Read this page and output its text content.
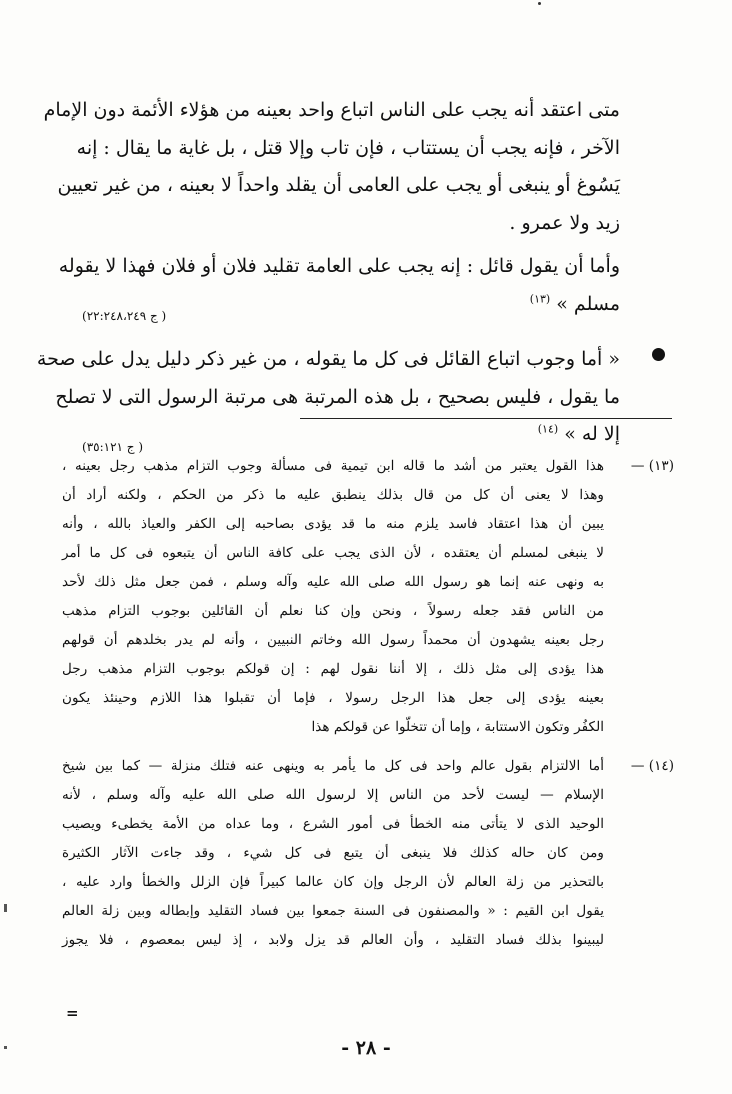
متى اعتقد أنه يجب على الناس اتباع واحد بعينه من هؤلاء الأئمة دون الإمام
الآخر ، فإنه يجب أن يستتاب ، فإن تاب وإلا قتل ، بل غاية ما يقال : إنه
يَسُوغ أو ينبغى أو يجب على العامى أن يقلد واحداً لا بعينه ، من غير تعيين
زيد ولا عمرو .

وأما أن يقول قائل : إنه يجب على العامة تقليد فلان أو فلان فهذا لا يقوله
مسلم » $^{(١٣)}$
( ج ٢٢:٢٤٨،٢٤٩)

« أما وجوب اتباع القائل فى كل ما يقوله ، من غير ذكر دليل يدل على صحة
ما يقول ، فليس بصحيح ، بل هذه المرتبة هى مرتبة الرسول التى لا تصلح
إلا له » $^{(١٤)}$
( ج ٣٥:١٢١)

(١٣) —
هذا القول يعتبر من أشد ما قاله ابن تيمية فى مسألة وجوب التزام مذهب رجل بعينه ،
وهذا لا يعنى أن كل من قال بذلك ينطبق عليه ما ذكر من الحكم ، ولكنه أراد أن
يبين أن هذا اعتقاد فاسد يلزم منه ما قد يؤدى بصاحبه إلى الكفر والعياذ بالله ، وأنه
لا ينبغى لمسلم أن يعتقده ، لأن الذى يجب على كافة الناس أن يتبعوه فى كل ما أمر
به ونهى عنه إنما هو رسول الله صلى الله عليه وآله وسلم ، فمن جعل مثل ذلك لأحد
من الناس فقد جعله رسولاً ، ونحن وإن كنا نعلم أن القائلين بوجوب التزام مذهب
رجل بعينه يشهدون أن محمداً رسول الله وخاتم النبيين ، وأنه لم يدر بخلدهم أن قولهم
هذا يؤدى إلى مثل ذلك ، إلا أننا نقول لهم : إن قولكم بوجوب التزام مذهب رجل
بعينه يؤدى إلى جعل هذا الرجل رسولا ، فإما أن تقبلوا هذا اللازم وحينئذ يكون
الكفُر وتكون الاستتابة ، وإما أن تتخلّوا عن قولكم هذا
(١٤) —
أما الالتزام بقول عالم واحد فى كل ما يأمر به وينهى عنه فتلك منزلة — كما بين شيخ
الإسلام — ليست لأحد من الناس إلا لرسول الله صلى الله عليه وآله وسلم ، لأنه
الوحيد الذى لا يتأتى منه الخطأ فى أمور الشرع ، وما عداه من الأمة يخطىء ويصيب
ومن كان حاله كذلك فلا ينبغى أن يتبع فى كل شيء ، وقد جاءت الآثار الكثيرة
بالتحذير من زلة العالم لأن الرجل وإن كان عالما كبيراً فإن الزلل والخطأ وارد عليه ،
يقول ابن القيم : « والمصنفون فى السنة جمعوا بين فساد التقليد وإبطاله وبين زلة العالم
ليبينوا بذلك فساد التقليد ، وأن العالم قد يزل ولابد ، إذ ليس بمعصوم ، فلا يجوز
=
- ٢٨ -
